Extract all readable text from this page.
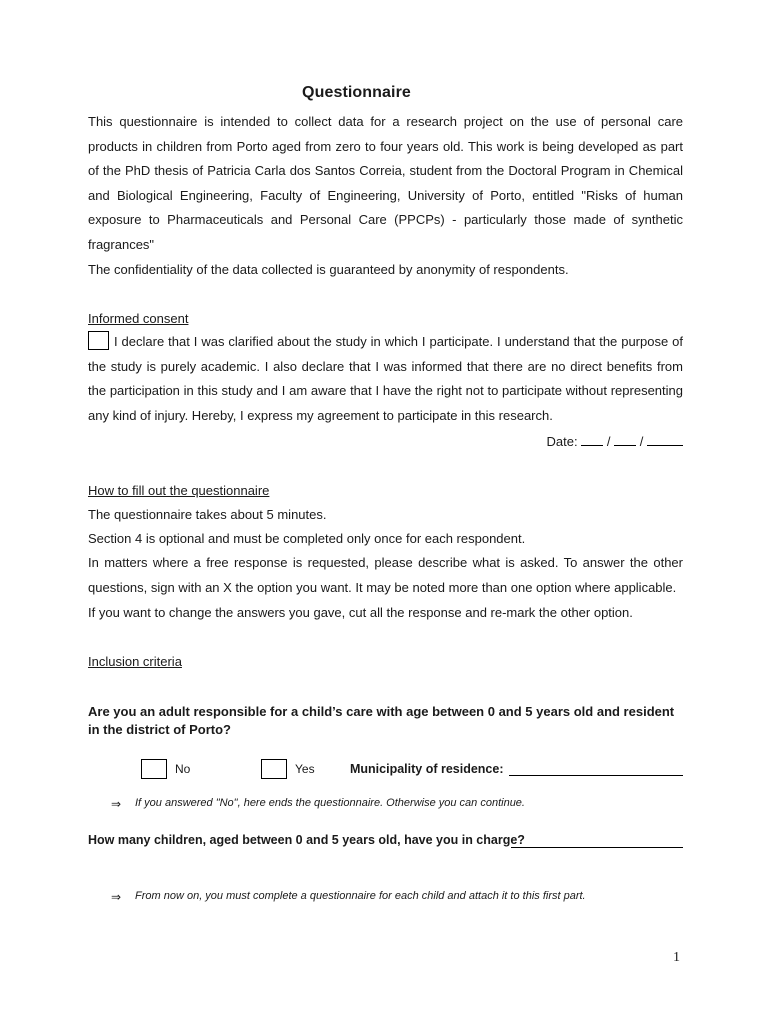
Questionnaire
This questionnaire is intended to collect data for a research project on the use of personal care products in children from Porto aged from zero to four years old. This work is being developed as part of the PhD thesis of Patricia Carla dos Santos Correia, student from the Doctoral Program in Chemical and Biological Engineering, Faculty of Engineering, University of Porto, entitled "Risks of human exposure to Pharmaceuticals and Personal Care (PPCPs) - particularly those made of synthetic fragrances"
The confidentiality of the data collected is guaranteed by anonymity of respondents.
Informed consent
I declare that I was clarified about the study in which I participate. I understand that the purpose of the study is purely academic. I also declare that I was informed that there are no direct benefits from the participation in this study and I am aware that I have the right not to participate without representing any kind of injury. Hereby, I express my agreement to participate in this research.
Date: / /
How to fill out the questionnaire
The questionnaire takes about 5 minutes.
Section 4 is optional and must be completed only once for each respondent.
In matters where a free response is requested, please describe what is asked. To answer the other questions, sign with an X the option you want. It may be noted more than one option where applicable.
If you want to change the answers you gave, cut all the response and re-mark the other option.
Inclusion criteria
Are you an adult responsible for a child’s care with age between 0 and 5 years old and resident in the district of Porto?
No	Yes	Municipality of residence:
⇒ If you answered "No", here ends the questionnaire. Otherwise you can continue.
How many children, aged between 0 and 5 years old, have you in charge?
⇒ From now on, you must complete a questionnaire for each child and attach it to this first part.
1
